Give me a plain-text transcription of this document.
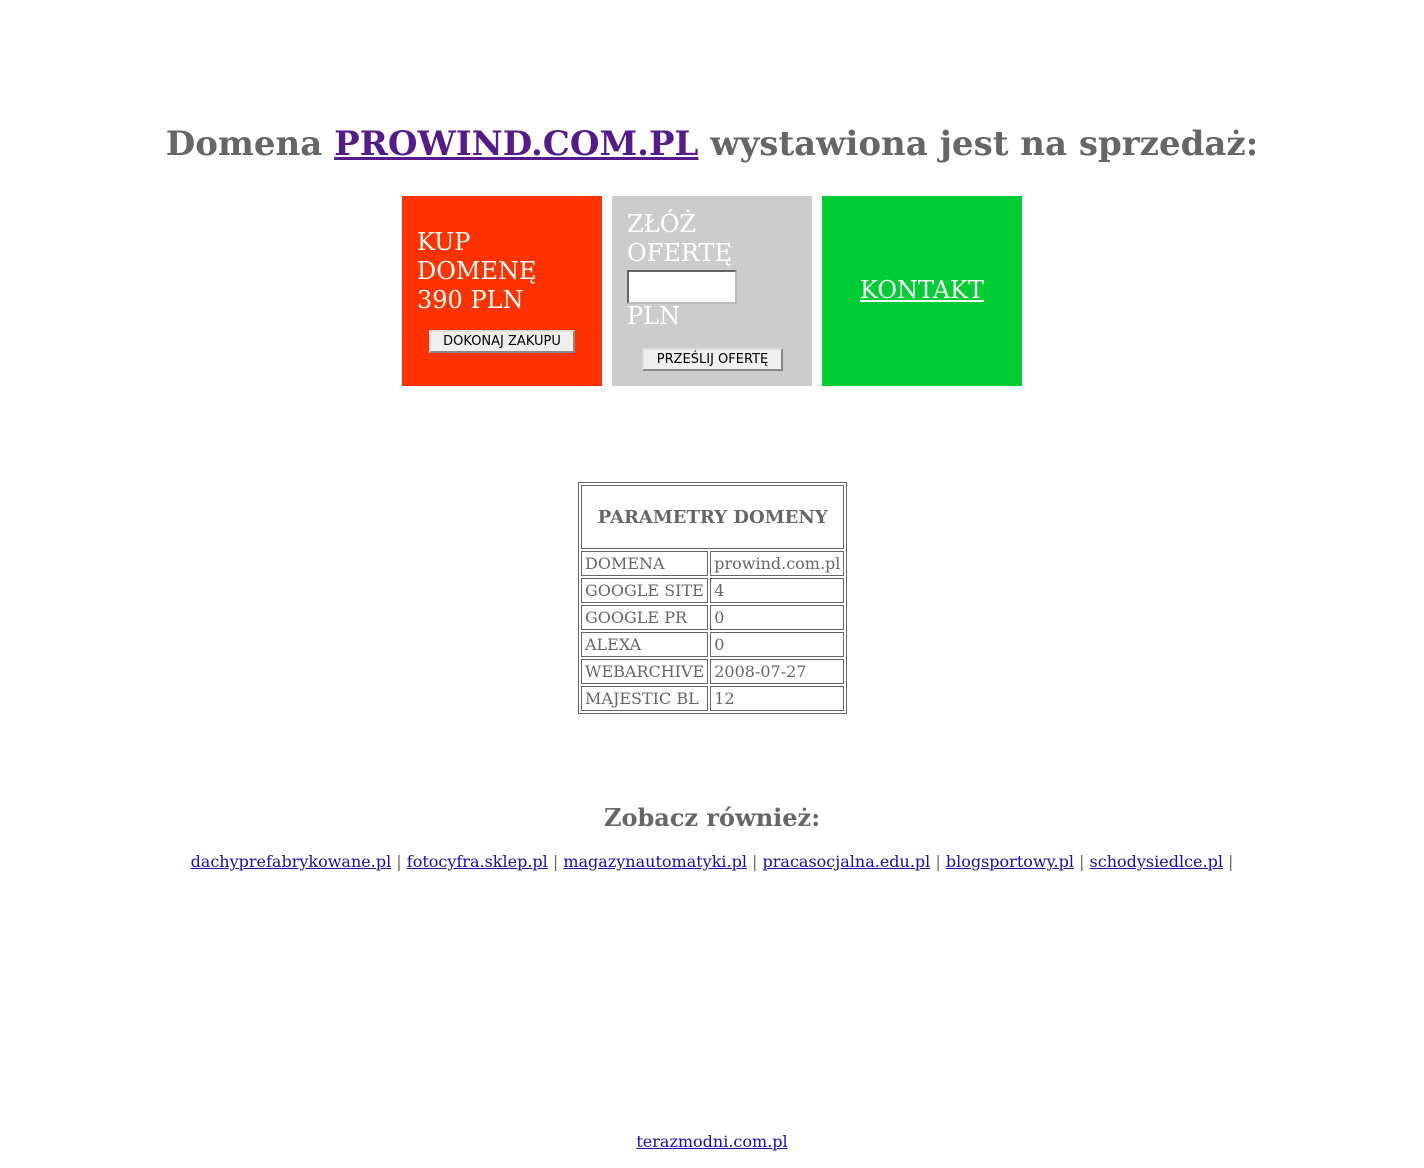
Domena PROWIND.COM.PL wystawiona jest na sprzedaż:
KUP
DOMENĘ
390 PLN
DOKONAJ ZAKUPU
ZŁÓŻ
OFERTĘ
PLN
PRZEŚLIJ OFERTĘ
KONTAKT
PARAMETRY DOMENY	
DOMENA	prowind.com.pl
GOOGLE SITE	4
GOOGLE PR	0
ALEXA	0
WEBARCHIVE	2008-07-27
MAJESTIC BL	12
Zobacz również:
dachyprefabrykowane.pl | fotocyfra.sklep.pl | magazynautomatyki.pl | pracasocjalna.edu.pl | blogsportowy.pl | schodysiedlce.pl |
terazmodni.com.pl
